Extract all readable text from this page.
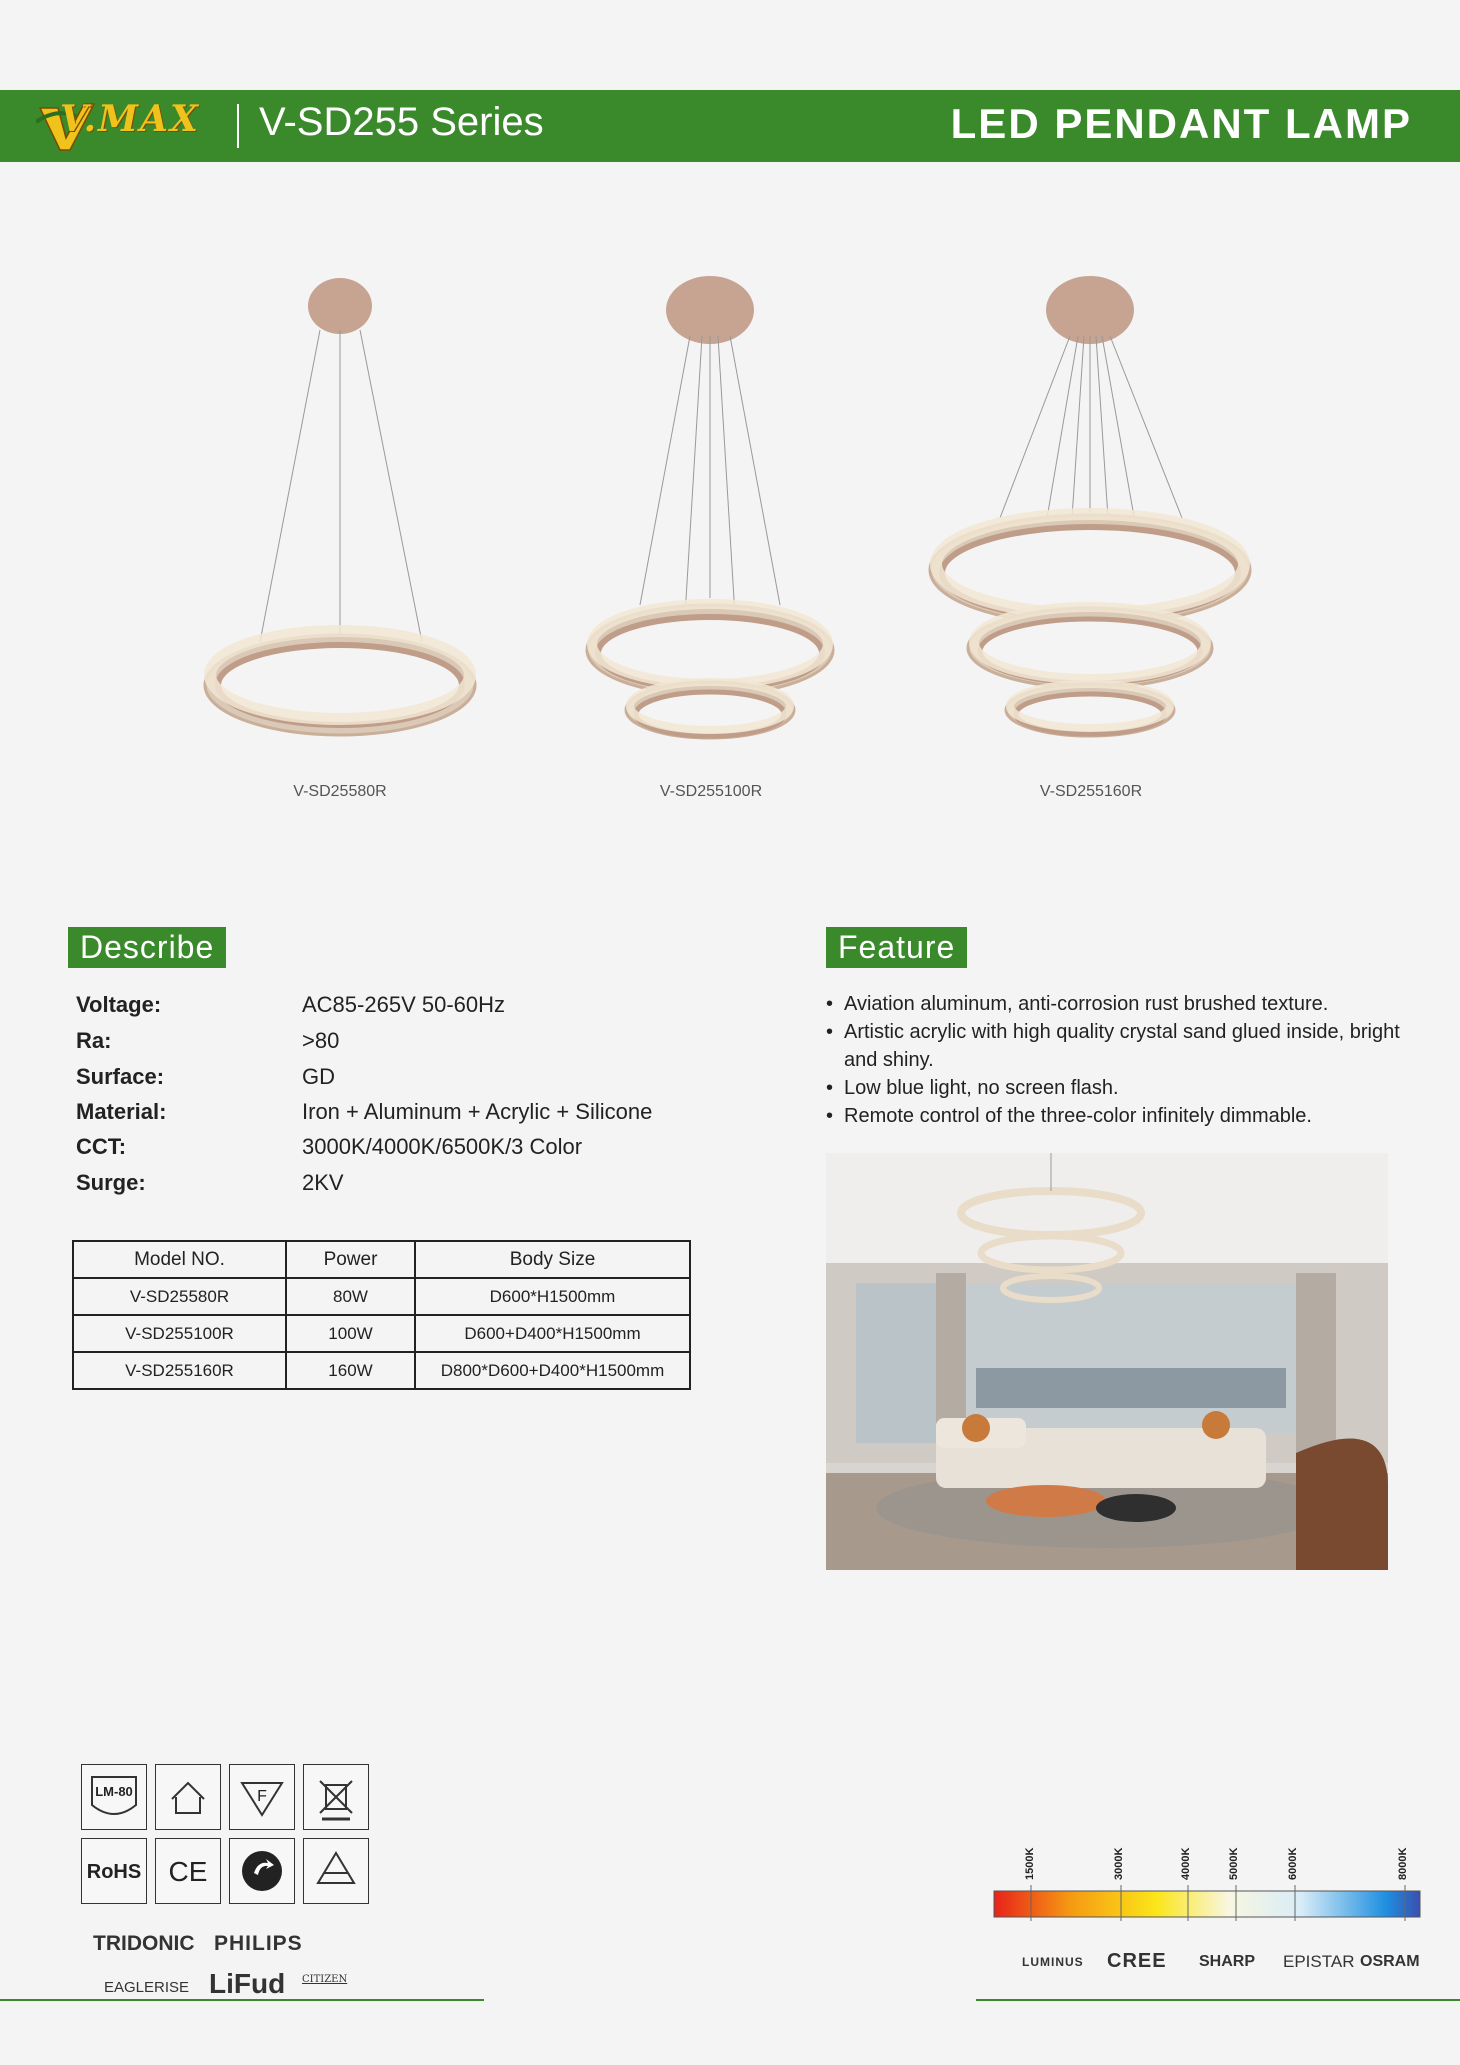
V.MAX V-SD255 Series	LED PENDANT LAMP
V-SD25580R	V-SD255100R	V-SD255160R
Describe
Voltage:	AC85-265V 50-60Hz
Ra:	>80
Surface:	GD
Material:	Iron + Aluminum + Acrylic + Silicone
CCT:	3000K/4000K/6500K/3 Color
Surge:	2KV
Model NO.	Power	Body Size
V-SD25580R	80W	D600*H1500mm
V-SD255100R	100W	D600+D400*H1500mm
V-SD255160R	160W	D800*D600+D400*H1500mm
Feature
• Aviation aluminum, anti-corrosion rust brushed texture.
• Artistic acrylic with high quality crystal sand glued inside, bright and shiny.
• Low blue light, no screen flash.
• Remote control of the three-color infinitely dimmable.
LM-80	F
RoHS CE
TRIDONIC PHILIPS
EAGLERISE LiFud CITIZEN
1500K	3000K	4000K	5000K	6000K	8000K
LUMINUS CREE SHARP EPISTAR OSRAM
